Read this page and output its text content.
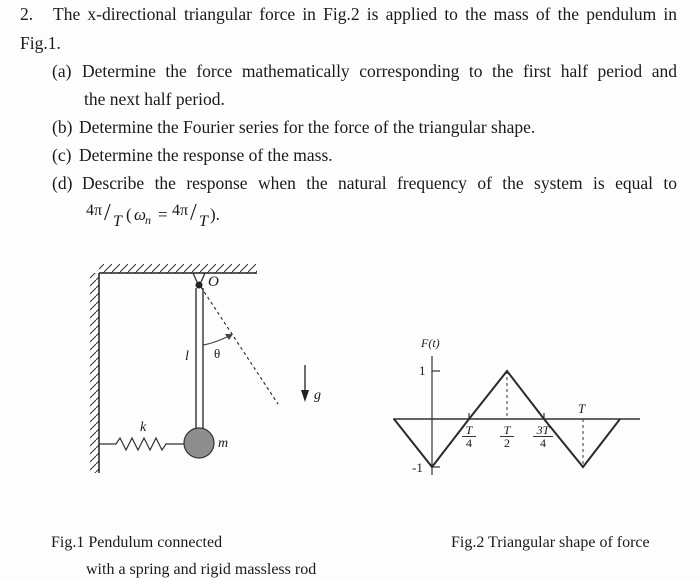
2. The x-directional triangular force in Fig.2 is applied to the mass of the pendulum in
Fig.1.
(a) Determine the force mathematically corresponding to the first half period and
the next half period.
(b) Determine the Fourier series for the force of the triangular shape.
(c) Determine the response of the mass.
(d) Describe the response when the natural frequency of the system is equal to
4π / T ( ω
n = 4π / T ).
O
l θ
g
k
m
F(t)
1
-1
T
$\frac{T}{4} \frac{T}{2} \frac{3T}{4}$
Fig.1 Pendulum connected
with a spring and rigid massless rod
Fig.2 Triangular shape of force
